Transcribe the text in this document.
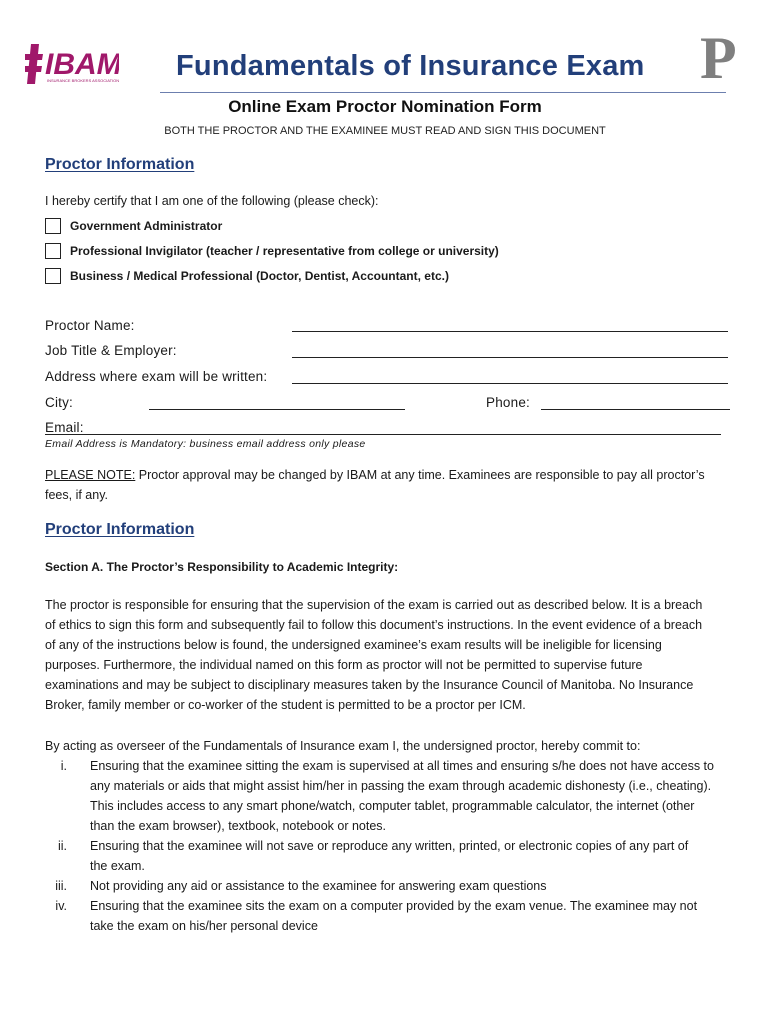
IBAM
INSURANCE BROKERS ASSOCIATION	Fundamentals of Insurance Exam P
Online Exam Proctor Nomination Form
BOTH THE PROCTOR AND THE EXAMINEE MUST READ AND SIGN THIS DOCUMENT
Proctor Information
I hereby certify that I am one of the following (please check):
Government Administrator
Professional Invigilator (teacher / representative from college or university)
Business / Medical Professional (Doctor, Dentist, Accountant, etc.)
Proctor Name:
Job Title & Employer:
Address where exam will be written:
City:	Phone:
Email:
Email Address is Mandatory: business email address only please

PLEASE NOTE: Proctor approval may be changed by IBAM at any time. Examinees are responsible to pay all proctor’s

fees, if any.

Proctor Information
Section A. The Proctor’s Responsibility to Academic Integrity:

The proctor is responsible for ensuring that the supervision of the exam is carried out as described below. It is a breach

of ethics to sign this form and subsequently fail to follow this document’s instructions. In the event evidence of a breach

of any of the instructions below is found, the undersigned examinee’s exam results will be ineligible for licensing

purposes. Furthermore, the individual named on this form as proctor will not be permitted to supervise future

examinations and may be subject to disciplinary measures taken by the Insurance Council of Manitoba. No Insurance

Broker, family member or co-worker of the student is permitted to be a proctor per ICM.

By acting as overseer of the Fundamentals of Insurance exam I, the undersigned proctor, hereby commit to:
i. Ensuring that the examinee sitting the exam is supervised at all times and ensuring s/he does not have access to
any materials or aids that might assist him/her in passing the exam through academic dishonesty (i.e., cheating).
This includes access to any smart phone/watch, computer tablet, programmable calculator, the internet (other
than the exam browser), textbook, notebook or notes.
ii. Ensuring that the examinee will not save or reproduce any written, printed, or electronic copies of any part of
the exam.
iii. Not providing any aid or assistance to the examinee for answering exam questions
iv. Ensuring that the examinee sits the exam on a computer provided by the exam venue. The examinee may not
take the exam on his/her personal device
